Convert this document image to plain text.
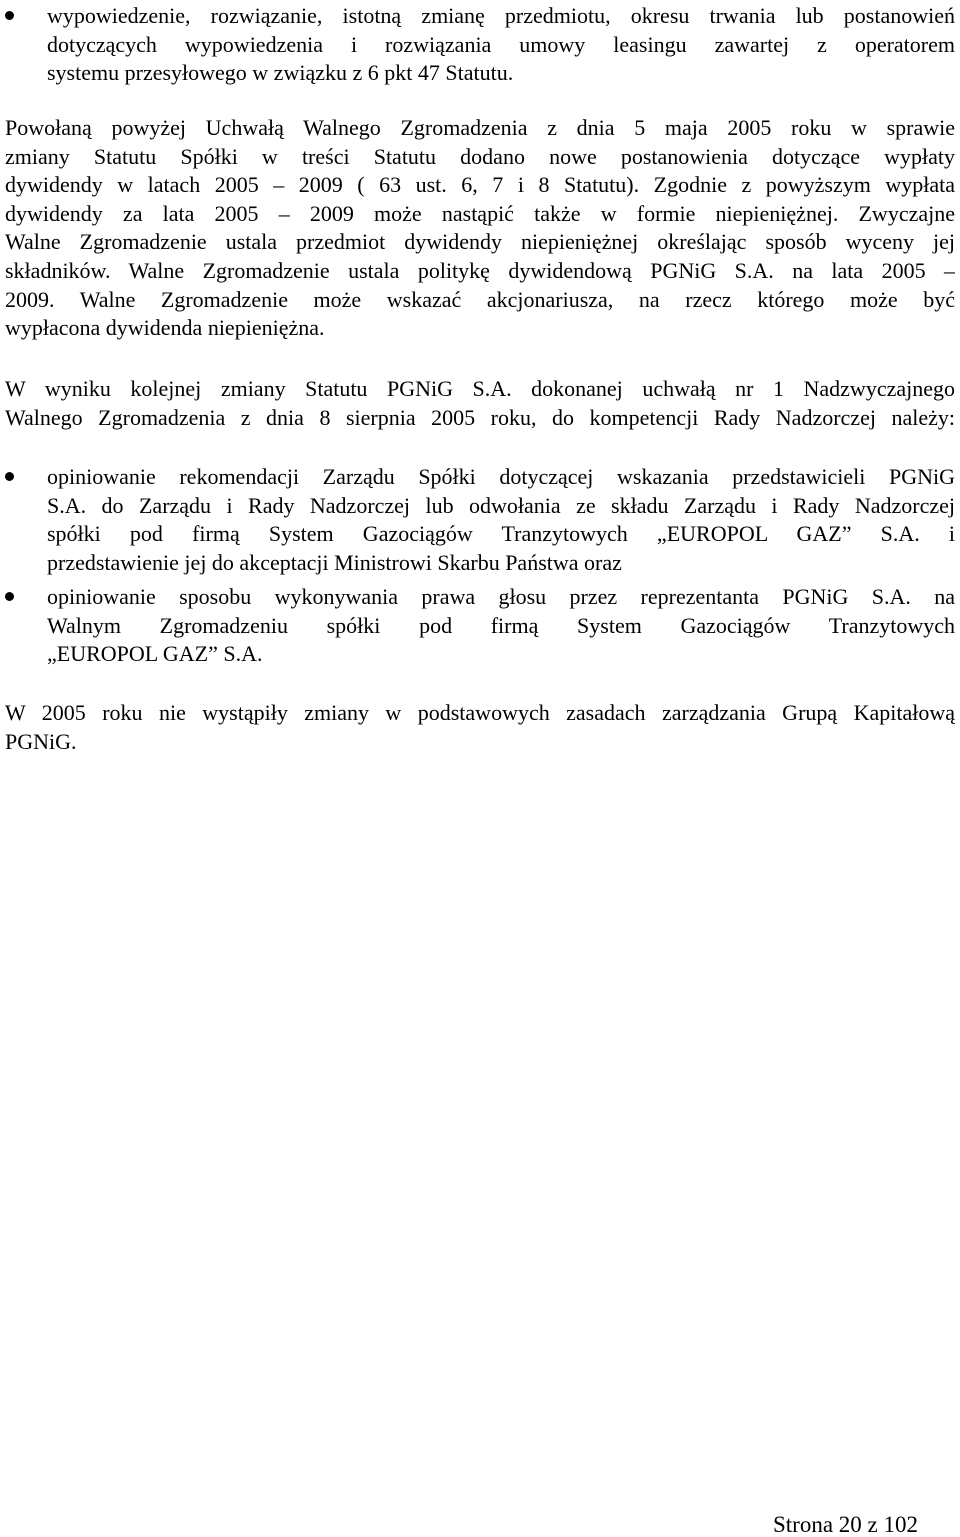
wypowiedzenie, rozwiązanie, istotną zmianę przedmiotu, okresu trwania lub postanowień
dotyczących wypowiedzenia i rozwiązania umowy leasingu zawartej z operatorem
systemu przesyłowego w związku z 6 pkt 47 Statutu.
Powołaną powyżej Uchwałą Walnego Zgromadzenia z dnia 5 maja 2005 roku w sprawie
zmiany Statutu Spółki w treści Statutu dodano nowe postanowienia dotyczące wypłaty
dywidendy w latach 2005 – 2009 ( 63 ust. 6, 7 i 8 Statutu). Zgodnie z powyższym wypłata
dywidendy za lata 2005 – 2009 może nastąpić także w formie niepieniężnej. Zwyczajne
Walne Zgromadzenie ustala przedmiot dywidendy niepieniężnej określając sposób wyceny jej
składników. Walne Zgromadzenie ustala politykę dywidendową PGNiG S.A. na lata 2005 –
2009. Walne Zgromadzenie może wskazać akcjonariusza, na rzecz którego może być
wypłacona dywidenda niepieniężna.
W wyniku kolejnej zmiany Statutu PGNiG S.A. dokonanej uchwałą nr 1 Nadzwyczajnego
Walnego Zgromadzenia z dnia 8 sierpnia 2005 roku, do kompetencji Rady Nadzorczej należy:
opiniowanie rekomendacji Zarządu Spółki dotyczącej wskazania przedstawicieli PGNiG
S.A. do Zarządu i Rady Nadzorczej lub odwołania ze składu Zarządu i Rady Nadzorczej
spółki pod firmą System Gazociągów Tranzytowych „EUROPOL GAZ” S.A. i
przedstawienie jej do akceptacji Ministrowi Skarbu Państwa oraz
opiniowanie sposobu wykonywania prawa głosu przez reprezentanta PGNiG S.A. na
Walnym Zgromadzeniu spółki pod firmą System Gazociągów Tranzytowych
„EUROPOL GAZ” S.A.
W 2005 roku nie wystąpiły zmiany w podstawowych zasadach zarządzania Grupą Kapitałową
PGNiG.
Strona 20 z 102
